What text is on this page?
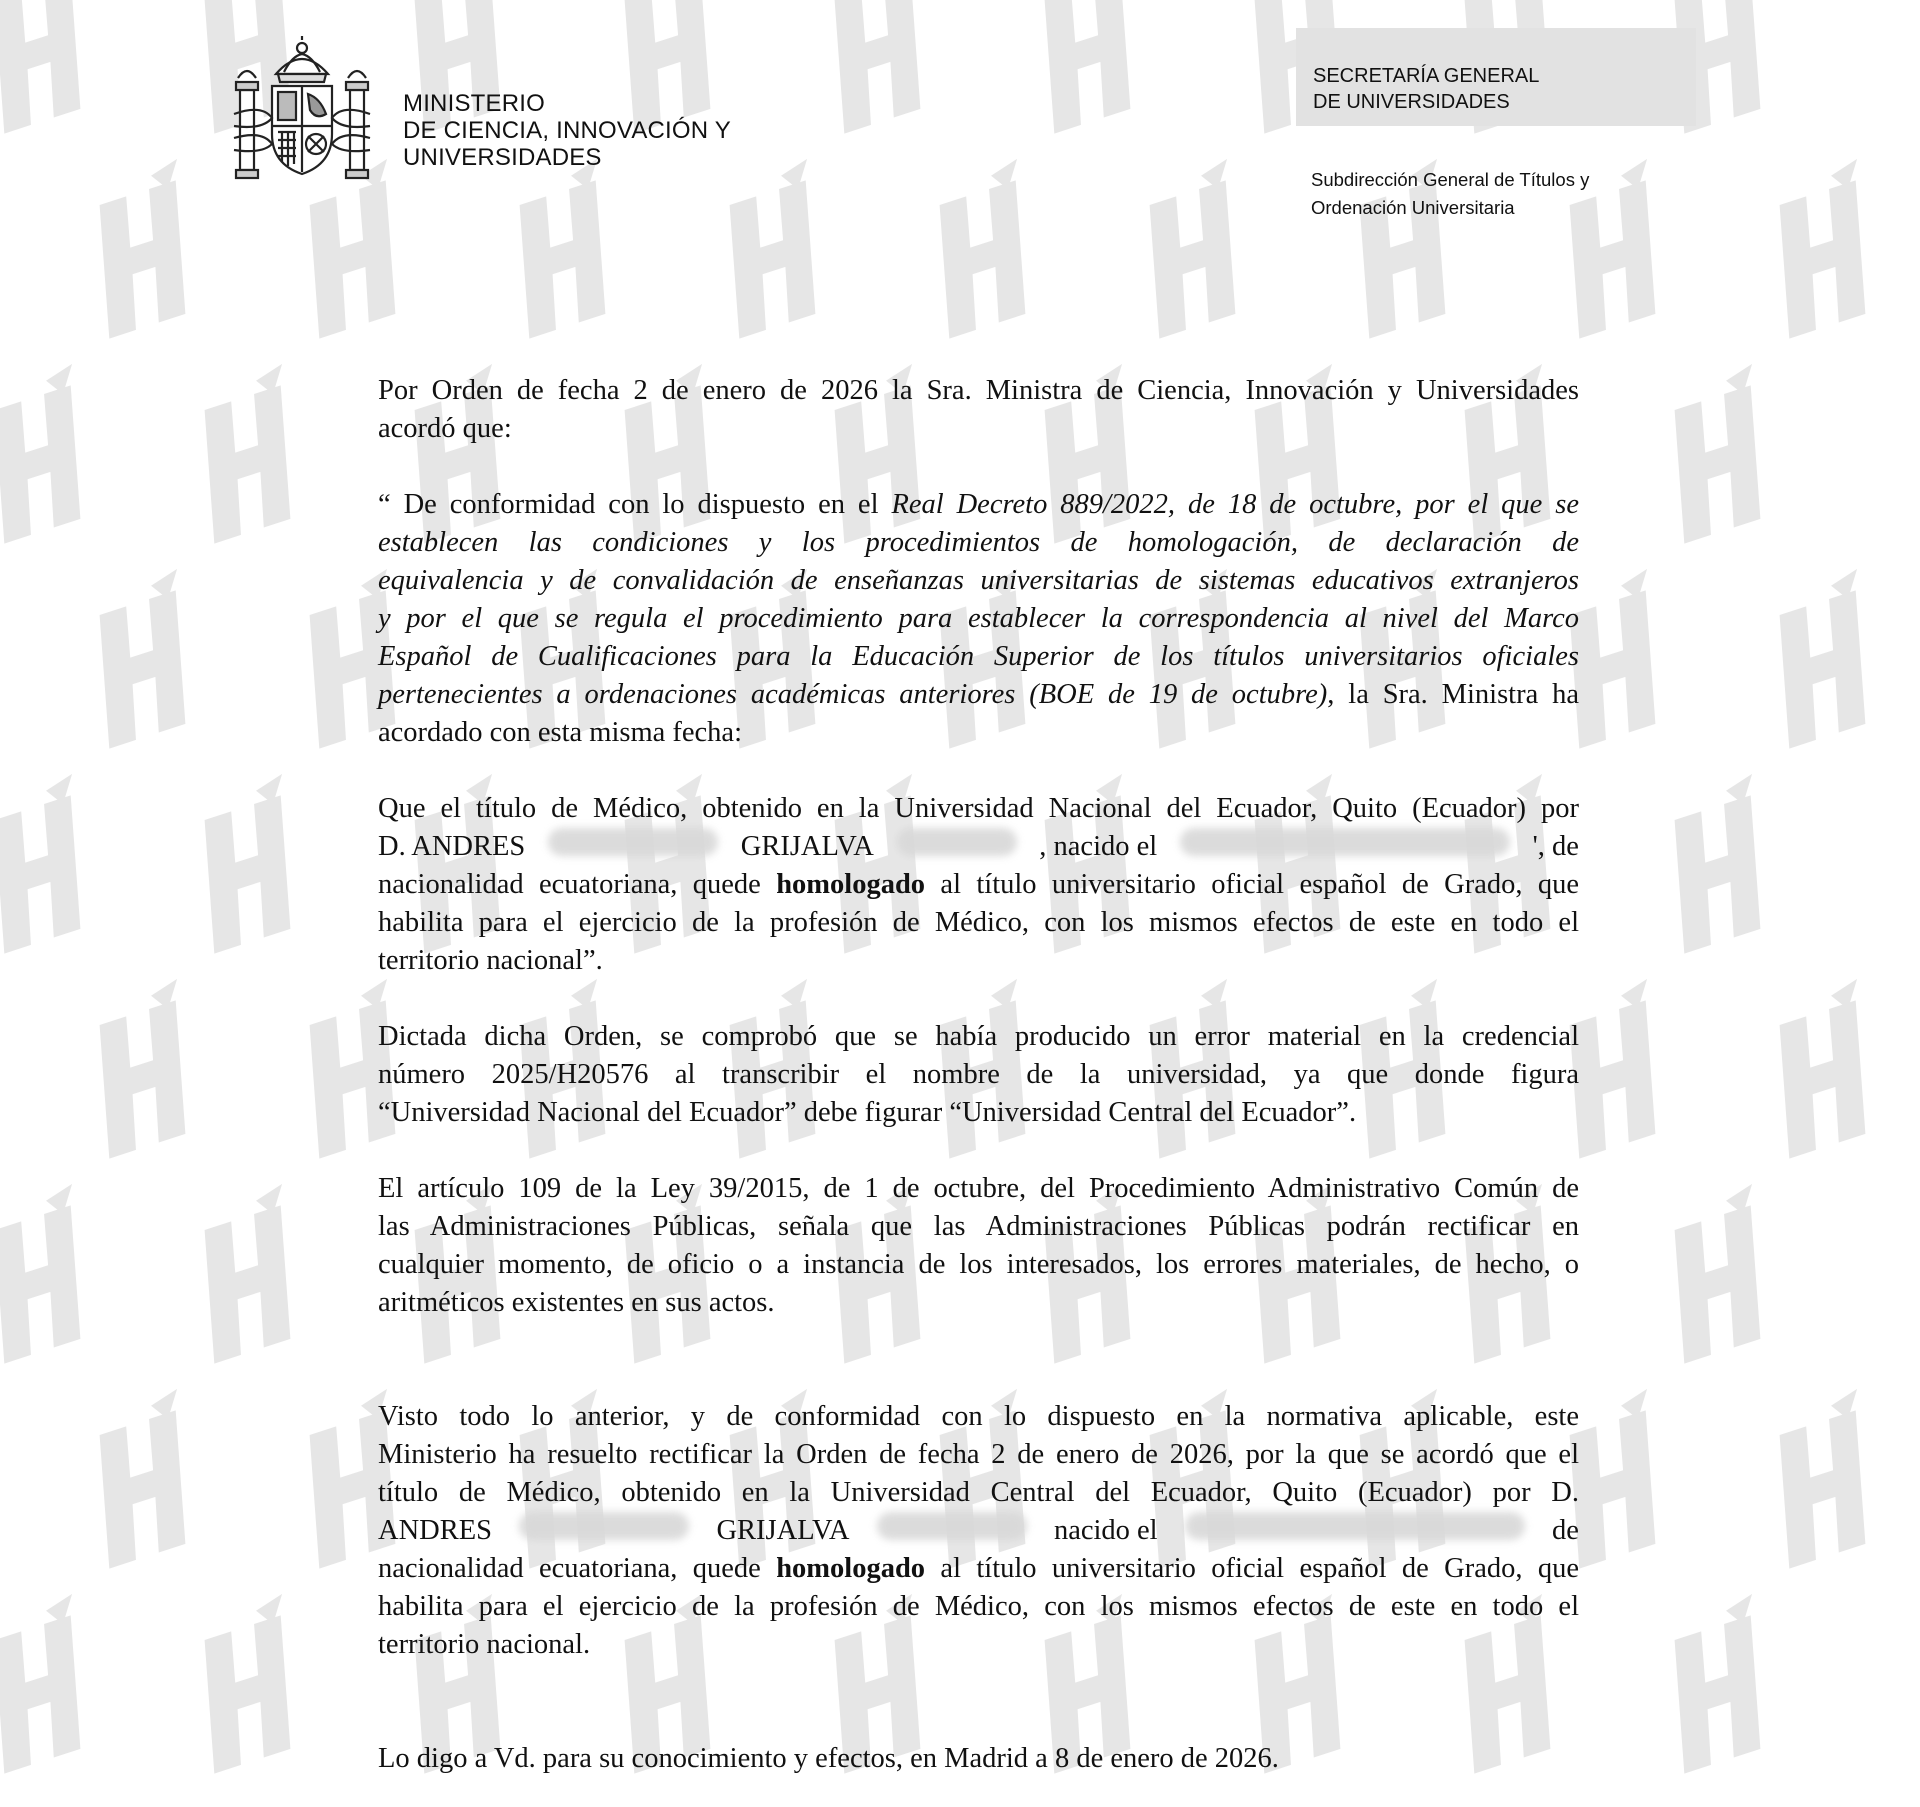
MINISTERIO
DE CIENCIA, INNOVACIÓN Y
UNIVERSIDADES
SECRETARÍA GENERAL
DE UNIVERSIDADES
Subdirección General de Títulos y
Ordenación Universitaria
Por Orden de fecha 2 de enero de 2026 la Sra. Ministra de Ciencia, Innovación y Universidades
acordó que:
“ De conformidad con lo dispuesto en el Real Decreto 889/2022, de 18 de octubre, por el que se
establecen las condiciones y los procedimientos de homologación, de declaración de
equivalencia y de convalidación de enseñanzas universitarias de sistemas educativos extranjeros
y por el que se regula el procedimiento para establecer la correspondencia al nivel del Marco
Español de Cualificaciones para la Educación Superior de los títulos universitarios oficiales
pertenecientes a ordenaciones académicas anteriores (BOE de 19 de octubre), la Sra. Ministra ha
acordado con esta misma fecha:
Que el título de Médico, obtenido en la Universidad Nacional del Ecuador, Quito (Ecuador) por
D. ANDRES	GRIJALVA	, nacido el	', de
nacionalidad ecuatoriana, quede homologado al título universitario oficial español de Grado, que
habilita para el ejercicio de la profesión de Médico, con los mismos efectos de este en todo el
territorio nacional”.
Dictada dicha Orden, se comprobó que se había producido un error material en la credencial
número 2025/H20576 al transcribir el nombre de la universidad, ya que donde figura
“Universidad Nacional del Ecuador” debe figurar “Universidad Central del Ecuador”.
El artículo 109 de la Ley 39/2015, de 1 de octubre, del Procedimiento Administrativo Común de
las Administraciones Públicas, señala que las Administraciones Públicas podrán rectificar en
cualquier momento, de oficio o a instancia de los interesados, los errores materiales, de hecho, o
aritméticos existentes en sus actos.
Visto todo lo anterior, y de conformidad con lo dispuesto en la normativa aplicable, este
Ministerio ha resuelto rectificar la Orden de fecha 2 de enero de 2026, por la que se acordó que el
título de Médico, obtenido en la Universidad Central del Ecuador, Quito (Ecuador) por D.
ANDRES	GRIJALVA	nacido el	de
nacionalidad ecuatoriana, quede homologado al título universitario oficial español de Grado, que
habilita para el ejercicio de la profesión de Médico, con los mismos efectos de este en todo el
territorio nacional.
Lo digo a Vd. para su conocimiento y efectos, en Madrid a 8 de enero de 2026.
